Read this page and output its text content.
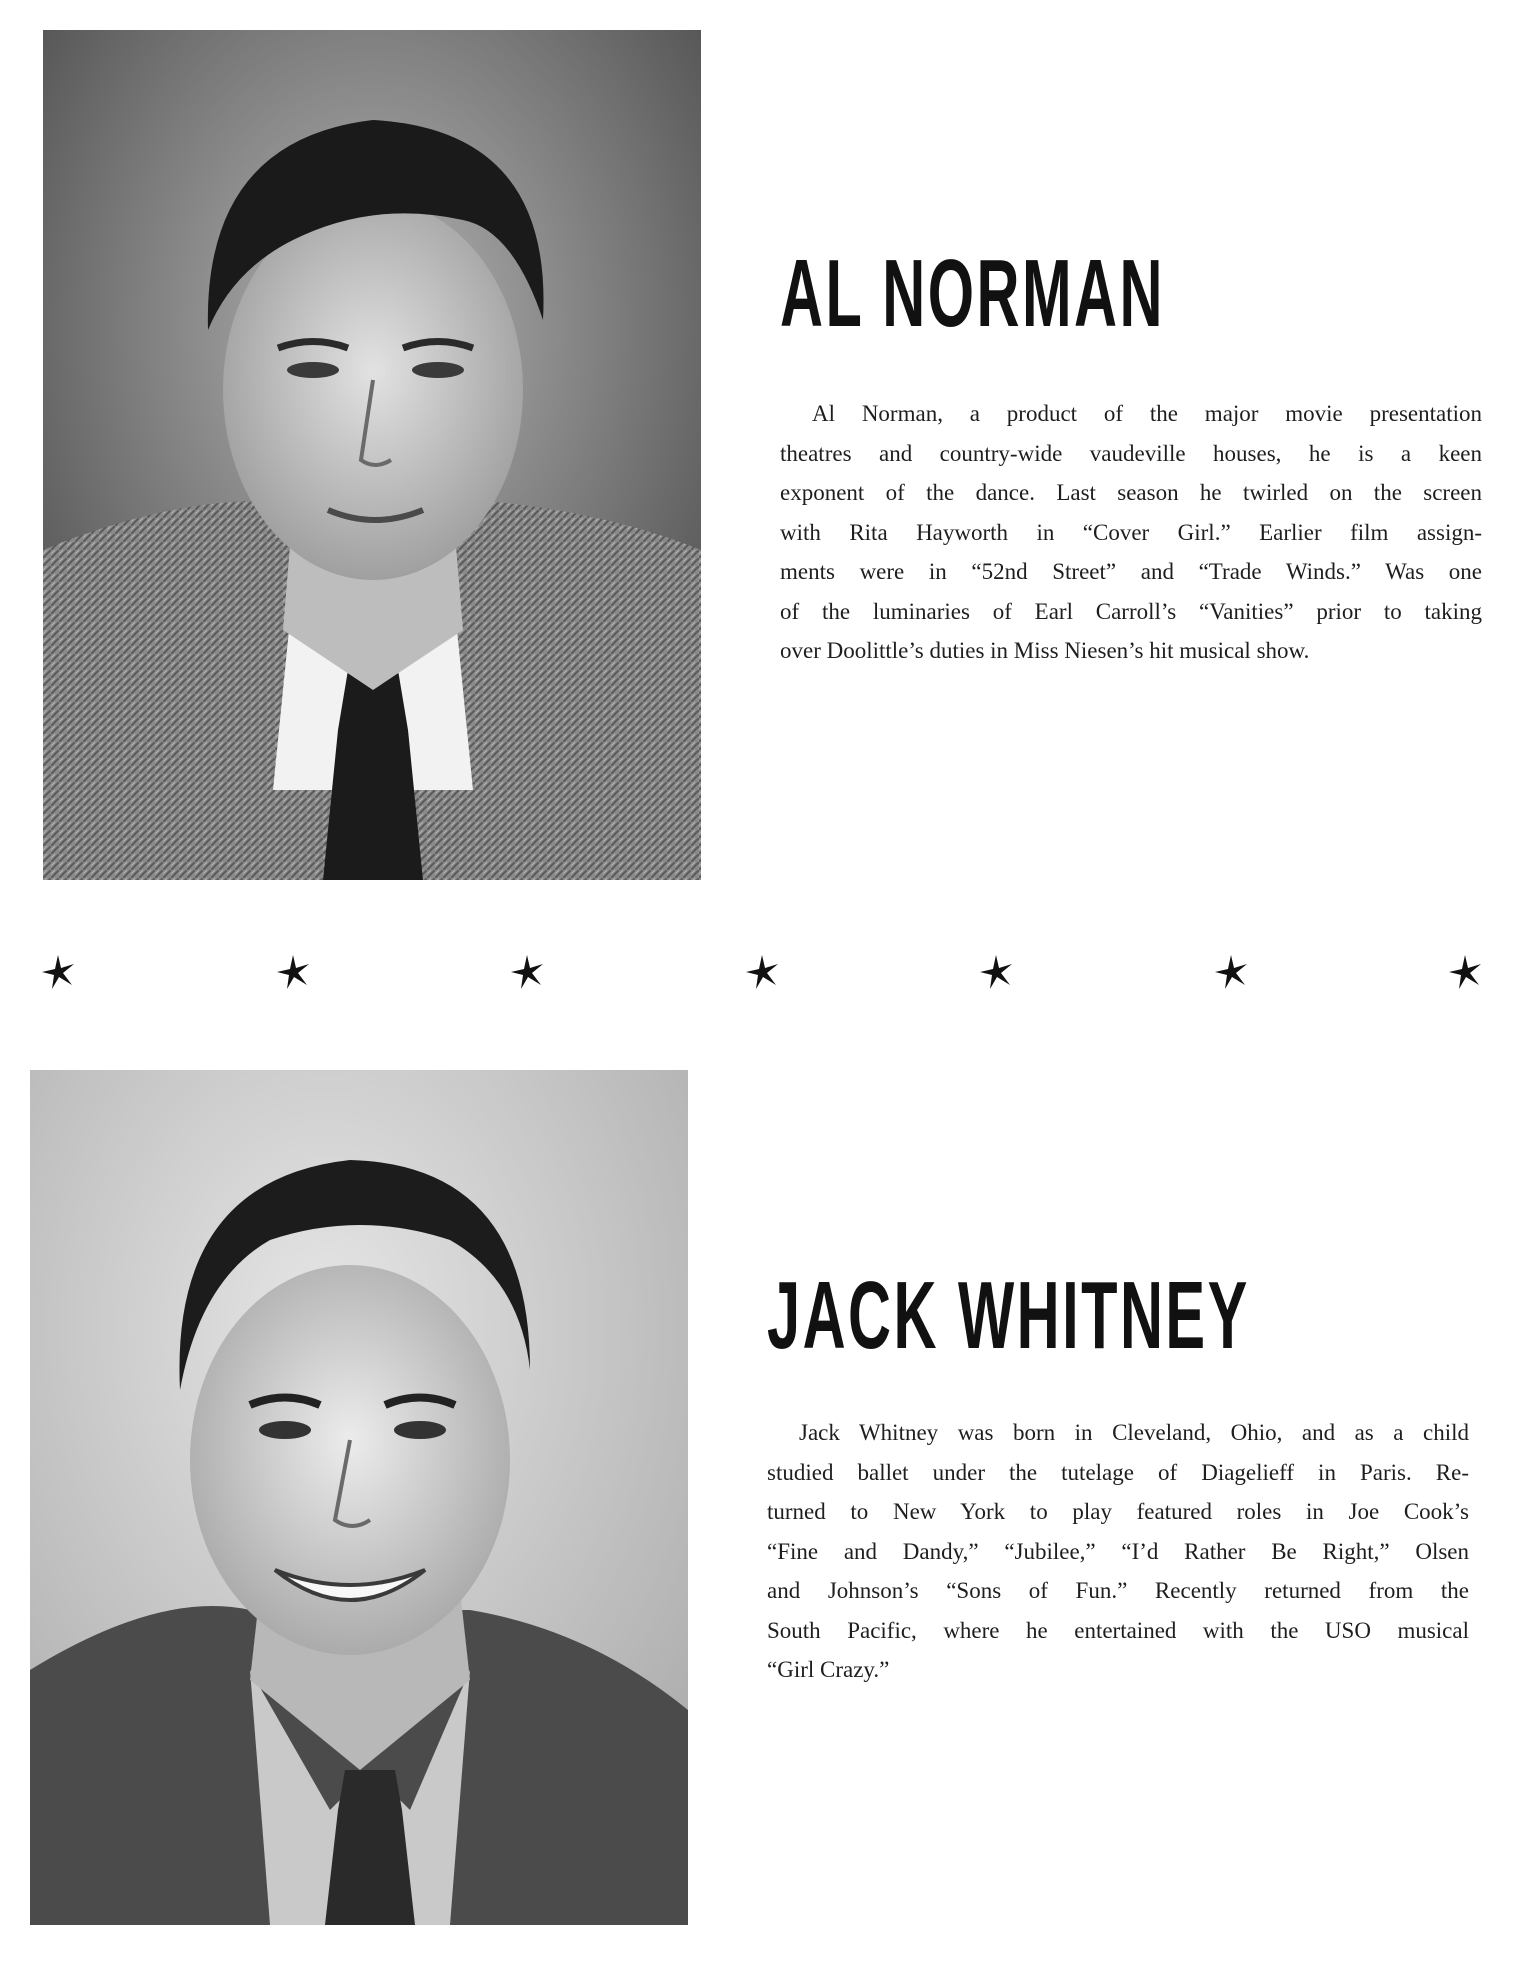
AL NORMAN
Al Norman, a product of the major movie presentation
theatres and country-wide vaudeville houses, he is a keen
exponent of the dance. Last season he twirled on the screen
with Rita Hayworth in “Cover Girl.” Earlier film assign-
ments were in “52nd Street” and “Trade Winds.” Was one
of the luminaries of Earl Carroll’s “Vanities” prior to taking
over Doolittle’s duties in Miss Niesen’s hit musical show.
JACK WHITNEY
Jack Whitney was born in Cleveland, Ohio, and as a child
studied ballet under the tutelage of Diagelieff in Paris. Re-
turned to New York to play featured roles in Joe Cook’s
“Fine and Dandy,” “Jubilee,” “I’d Rather Be Right,” Olsen
and Johnson’s “Sons of Fun.” Recently returned from the
South Pacific, where he entertained with the USO musical
“Girl Crazy.”
